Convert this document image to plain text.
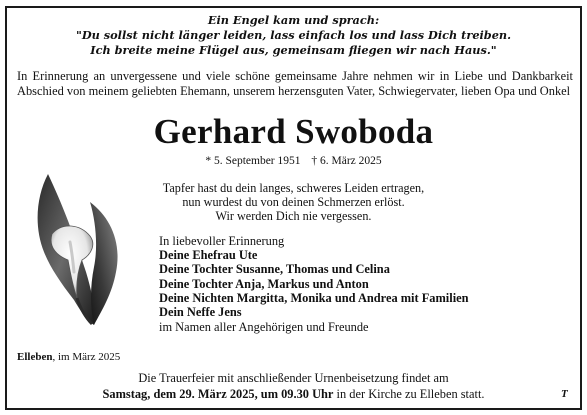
Ein Engel kam und sprach:
"Du sollst nicht länger leiden, lass einfach los und lass Dich treiben.
Ich breite meine Flügel aus, gemeinsam fliegen wir nach Haus."
In Erinnerung an unvergessene und viele schöne gemeinsame Jahre nehmen wir in Liebe und Dankbarkeit Abschied von meinem geliebten Ehemann, unserem herzensguten Vater, Schwiegervater, lieben Opa und Onkel
Gerhard Swoboda
* 5. September 1951 † 6. März 2025
Tapfer hast du dein langes, schweres Leiden ertragen,
nun wurdest du von deinen Schmerzen erlöst.
Wir werden Dich nie vergessen.
In liebevoller Erinnerung
Deine Ehefrau Ute
Deine Tochter Susanne, Thomas und Celina
Deine Tochter Anja, Markus und Anton
Deine Nichten Margitta, Monika und Andrea mit Familien
Dein Neffe Jens
im Namen aller Angehörigen und Freunde
Elleben, im März 2025
Die Trauerfeier mit anschließender Urnenbeisetzung findet am
Samstag, dem 29. März 2025, um 09.30 Uhr in der Kirche zu Elleben statt.	T
